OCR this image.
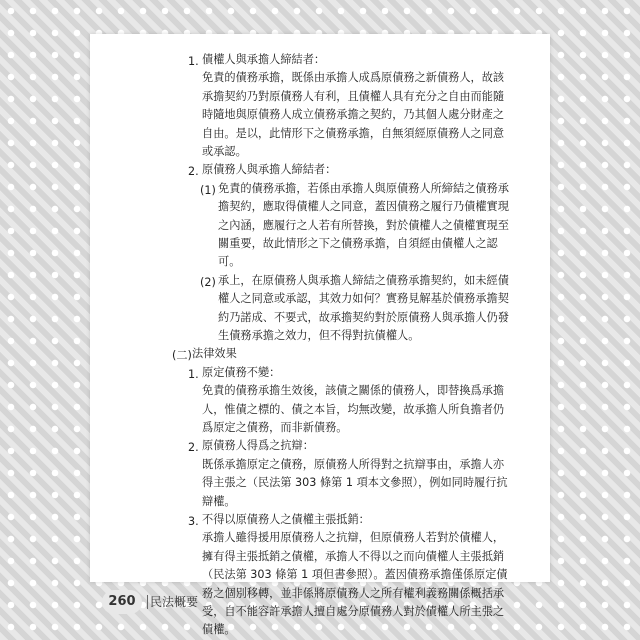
1. 債權人與承擔人締結者：
免責的債務承擔，既係由承擔人成爲原債務之新債務人，故該
承擔契約乃對原債務人有利，且債權人具有充分之自由而能隨
時隨地與原債務人成立債務承擔之契約，乃其個人處分財產之
自由。是以，此情形下之債務承擔，自無須經原債務人之同意
或承認。
2. 原債務人與承擔人締結者：
(1) 免責的債務承擔，若係由承擔人與原債務人所締結之債務承
擔契約，應取得債權人之同意，蓋因債務之履行乃債權實現
之內涵，應履行之人若有所替換，對於債權人之債權實現至
關重要，故此情形之下之債務承擔，自須經由債權人之認
可。
(2) 承上，在原債務人與承擔人締結之債務承擔契約，如未經債
權人之同意或承認，其效力如何？實務見解基於債務承擔契
約乃諾成、不要式，故承擔契約對於原債務人與承擔人仍發
生債務承擔之效力，但不得對抗債權人。
(二) 法律效果
1. 原定債務不變：
免責的債務承擔生效後，該債之關係的債務人，即替換爲承擔
人，惟債之標的、債之本旨，均無改變，故承擔人所負擔者仍
爲原定之債務，而非新債務。
2. 原債務人得爲之抗辯：
既係承擔原定之債務，原債務人所得對之抗辯事由，承擔人亦
得主張之（民法第 303 條第 1 項本文參照），例如同時履行抗
辯權。
3. 不得以原債務人之債權主張抵銷：
承擔人雖得援用原債務人之抗辯，但原債務人若對於債權人，
擁有得主張抵銷之債權，承擔人不得以之而向債權人主張抵銷
（民法第 303 條第 1 項但書參照）。蓋因債務承擔僅係原定債
務之個別移轉，並非係將原債務人之所有權利義務關係概括承
受，自不能容許承擔人擅自處分原債務人對於債權人所主張之
債權。
260	民法概要
